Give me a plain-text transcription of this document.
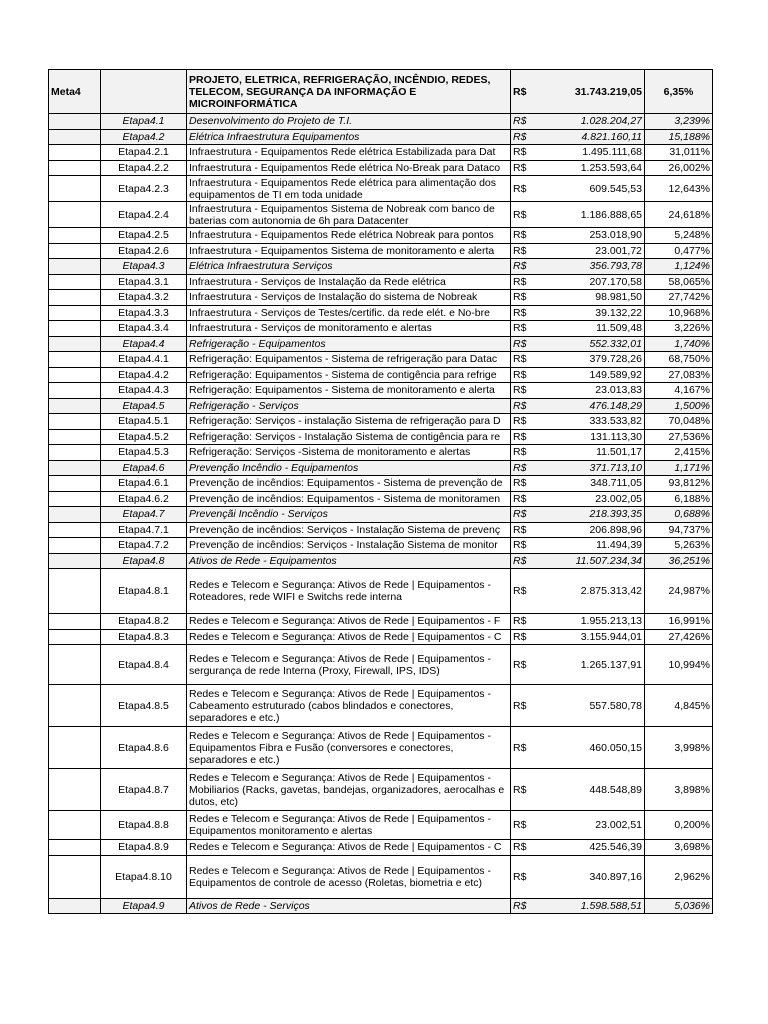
Meta4		PROJETO, ELETRICA, REFRIGERAÇÃO, INCÊNDIO, REDES, TELECOM, SEGURANÇA DA INFORMAÇÃO E MICROINFORMÁTICA	R$ 31.743.219,05	6,35%
	Etapa4.1	Desenvolvimento do Projeto de T.I.	R$ 1.028.204,27	3,239%
	Etapa4.2	Elétrica Infraestrutura Equipamentos	R$ 4.821.160,11	15,188%
	Etapa4.2.1	Infraestrutura - Equipamentos Rede elétrica Estabilizada para Dat	R$ 1.495.111,68	31,011%
	Etapa4.2.2	Infraestrutura - Equipamentos Rede elétrica No-Break para Dataco	R$ 1.253.593,64	26,002%
	Etapa4.2.3	Infraestrutura - Equipamentos Rede elétrica para alimentação dos equipamentos de TI em toda unidade	R$ 609.545,53	12,643%
	Etapa4.2.4	Infraestrutura - Equipamentos Sistema de Nobreak com banco de baterias com autonomia de 6h para Datacenter	R$ 1.186.888,65	24,618%
	Etapa4.2.5	Infraestrutura - Equipamentos Rede elétrica Nobreak para pontos	R$ 253.018,90	5,248%
	Etapa4.2.6	Infraestrutura - Equipamentos Sistema de monitoramento e alerta	R$ 23.001,72	0,477%
	Etapa4.3	Elétrica Infraestrutura Serviços	R$ 356.793,78	1,124%
	Etapa4.3.1	Infraestrutura - Serviços de Instalação da Rede elétrica	R$ 207.170,58	58,065%
	Etapa4.3.2	Infraestrutura - Serviços de Instalação do sistema de Nobreak	R$ 98.981,50	27,742%
	Etapa4.3.3	Infraestrutura - Serviços de Testes/certific. da rede elét. e No-bre	R$ 39.132,22	10,968%
	Etapa4.3.4	Infraestrutura - Serviços de monitoramento e alertas	R$ 11.509,48	3,226%
	Etapa4.4	Refrigeração - Equipamentos	R$ 552.332,01	1,740%
	Etapa4.4.1	Refrigeração: Equipamentos - Sistema de refrigeração para Datac	R$ 379.728,26	68,750%
	Etapa4.4.2	Refrigeração: Equipamentos - Sistema de contigência para refrige	R$ 149.589,92	27,083%
	Etapa4.4.3	Refrigeração: Equipamentos - Sistema de monitoramento e alerta	R$ 23.013,83	4,167%
	Etapa4.5	Refrigeração - Serviços	R$ 476.148,29	1,500%
	Etapa4.5.1	Refrigeração: Serviços - instalação Sistema de refrigeração para D	R$ 333.533,82	70,048%
	Etapa4.5.2	Refrigeração: Serviços - Instalação Sistema de contigência para re	R$ 131.113,30	27,536%
	Etapa4.5.3	Refrigeração: Serviços -Sistema de monitoramento e alertas	R$ 11.501,17	2,415%
	Etapa4.6	Prevenção Incêndio - Equipamentos	R$ 371.713,10	1,171%
	Etapa4.6.1	Prevenção de incêndios: Equipamentos - Sistema de prevenção de	R$ 348.711,05	93,812%
	Etapa4.6.2	Prevenção de incêndios: Equipamentos - Sistema de monitoramen	R$ 23.002,05	6,188%
	Etapa4.7	Prevençãi Incêndio - Serviços	R$ 218.393,35	0,688%
	Etapa4.7.1	Prevenção de incêndios: Serviços - Instalação Sistema de prevenç	R$ 206.898,96	94,737%
	Etapa4.7.2	Prevenção de incêndios: Serviços - Instalação Sistema de monitor	R$ 11.494,39	5,263%
	Etapa4.8	Ativos de Rede - Equipamentos	R$ 11.507.234,34	36,251%
	Etapa4.8.1	Redes e Telecom e Segurança: Ativos de Rede | Equipamentos - Roteadores, rede WIFI e Switchs rede interna	R$ 2.875.313,42	24,987%
	Etapa4.8.2	Redes e Telecom e Segurança: Ativos de Rede | Equipamentos - F	R$ 1.955.213,13	16,991%
	Etapa4.8.3	Redes e Telecom e Segurança: Ativos de Rede | Equipamentos - C	R$ 3.155.944,01	27,426%
	Etapa4.8.4	Redes e Telecom e Segurança: Ativos de Rede | Equipamentos - sergurança de rede Interna (Proxy, Firewall, IPS, IDS)	R$ 1.265.137,91	10,994%
	Etapa4.8.5	Redes e Telecom e Segurança: Ativos de Rede | Equipamentos - Cabeamento estruturado (cabos blindados e conectores, separadores e etc.)	R$ 557.580,78	4,845%
	Etapa4.8.6	Redes e Telecom e Segurança: Ativos de Rede | Equipamentos - Equipamentos Fibra e Fusão (conversores e conectores, separadores e etc.)	R$ 460.050,15	3,998%
	Etapa4.8.7	Redes e Telecom e Segurança: Ativos de Rede | Equipamentos - Mobiliarios (Racks, gavetas, bandejas, organizadores, aerocalhas e dutos, etc)	R$ 448.548,89	3,898%
	Etapa4.8.8	Redes e Telecom e Segurança: Ativos de Rede | Equipamentos - Equipamentos monitoramento e alertas	R$ 23.002,51	0,200%
	Etapa4.8.9	Redes e Telecom e Segurança: Ativos de Rede | Equipamentos - C	R$ 425.546,39	3,698%
	Etapa4.8.10	Redes e Telecom e Segurança: Ativos de Rede | Equipamentos - Equipamentos de controle de acesso (Roletas, biometria e etc)	R$ 340.897,16	2,962%
	Etapa4.9	Ativos de Rede - Serviços	R$ 1.598.588,51	5,036%
